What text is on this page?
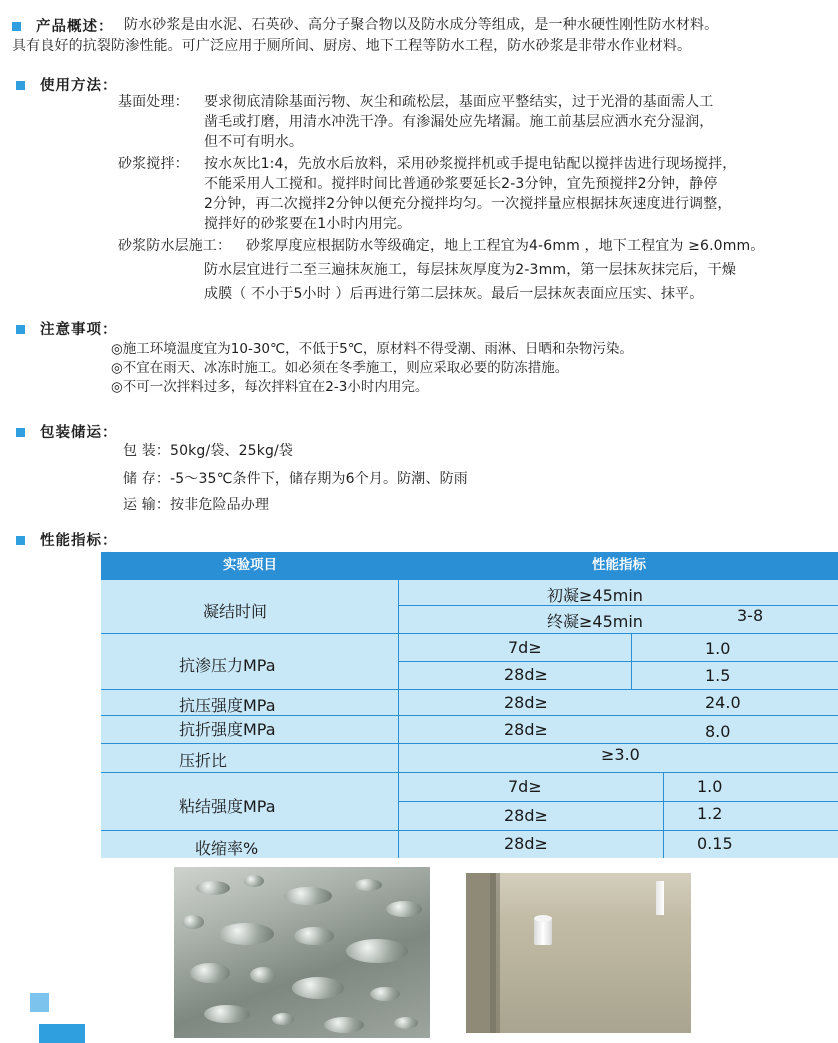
产品概述： 防水砂浆是由水泥、石英砂、高分子聚合物以及防水成分等组成，是一种水硬性刚性防水材料。
具有良好的抗裂防渗性能。可广泛应用于厕所间、厨房、地下工程等防水工程，防水砂浆是非带水作业材料。
使用方法：
基面处理： 要求彻底清除基面污物、灰尘和疏松层，基面应平整结实，过于光滑的基面需人工
凿毛或打磨，用清水冲洗干净。有渗漏处应先堵漏。施工前基层应洒水充分湿润，
但不可有明水。
砂浆搅拌： 按水灰比1:4，先放水后放料，采用砂浆搅拌机或手提电钻配以搅拌齿进行现场搅拌，
不能采用人工搅和。搅拌时间比普通砂浆要延长2-3分钟，宜先预搅拌2分钟，静停
2分钟，再二次搅拌2分钟以便充分搅拌均匀。一次搅拌量应根据抹灰速度进行调整，
搅拌好的砂浆要在1小时内用完。
砂浆防水层施工： 砂浆厚度应根据防水等级确定，地上工程宜为4-6mm ，地下工程宜为 ≥6.0mm。
防水层宜进行二至三遍抹灰施工，每层抹灰厚度为2-3mm，第一层抹灰抹完后，干燥
成膜（ 不小于5小时 ）后再进行第二层抹灰。最后一层抹灰表面应压实、抹平。
注意事项：
◎施工环境温度宜为10-30℃，不低于5℃，原材料不得受潮、雨淋、日晒和杂物污染。
◎不宜在雨天、冰冻时施工。如必须在冬季施工，则应采取必要的防冻措施。
◎不可一次拌料过多，每次拌料宜在2-3小时内用完。
包装储运：
包 装：50kg/袋、25kg/袋
储 存：-5～35℃条件下，储存期为6个月。防潮、防雨
运 输：按非危险品办理
性能指标：
实验项目	性能指标
凝结时间
初凝≥45min
终凝≥45min	3-8
抗渗压力MPa
7d≥	1.0
28d≥	1.5
抗压强度MPa	28d≥	24.0
抗折强度MPa	28d≥	8.0
压折比	≥3.0
粘结强度MPa
7d≥	1.0
28d≥	1.2
收缩率%	28d≥	0.15
